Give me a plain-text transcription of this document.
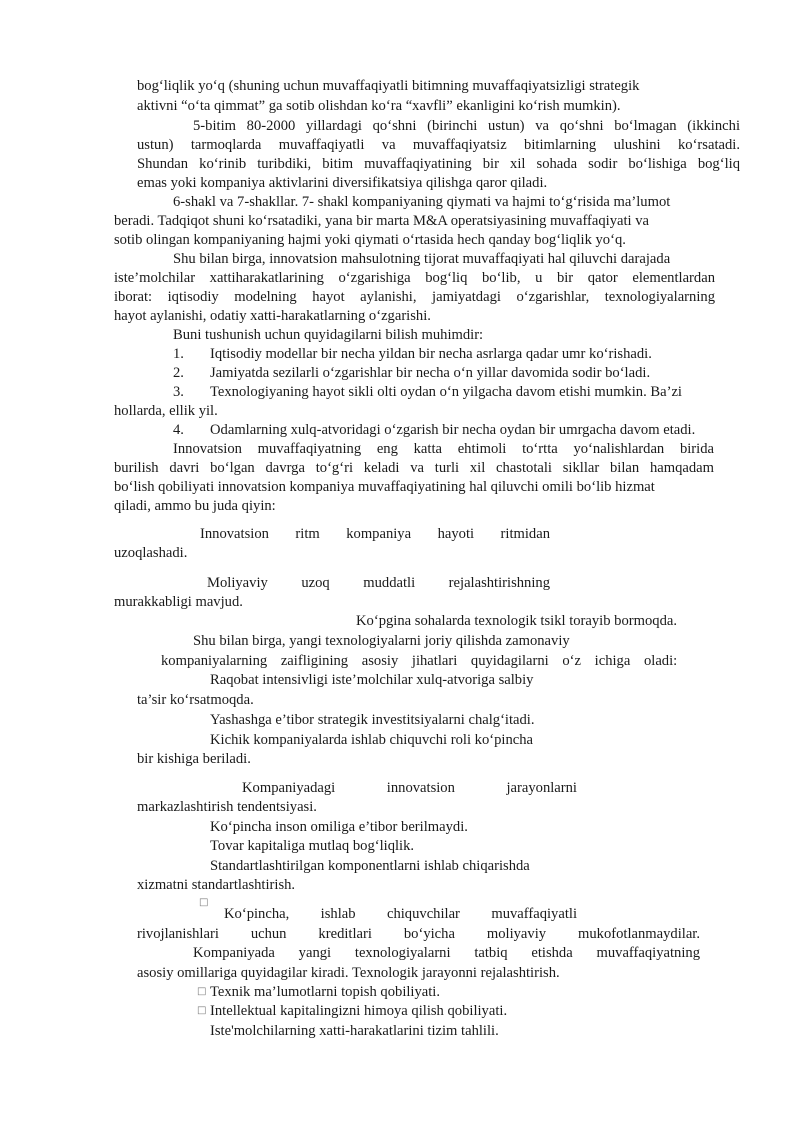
bog‘liqlik yo‘q (shuning uchun muvaffaqiyatli bitimning muvaffaqiyatsizligi strategik
aktivni “o‘ta qimmat” ga sotib olishdan ko‘ra “xavfli” ekanligini ko‘rish mumkin).
5-bitim 80-2000 yillardagi qo‘shni (birinchi ustun) va qo‘shni bo‘lmagan (ikkinchi
ustun) tarmoqlarda muvaffaqiyatli va muvaffaqiyatsiz bitimlarning ulushini ko‘rsatadi.
Shundan ko‘rinib turibdiki, bitim muvaffaqiyatining bir xil sohada sodir bo‘lishiga bog‘liq
emas yoki kompaniya aktivlarini diversifikatsiya qilishga qaror qiladi.
6-shakl va 7-shakllar. 7- shakl kompaniyaning qiymati va hajmi to‘g‘risida ma’lumot
beradi. Tadqiqot shuni ko‘rsatadiki, yana bir marta M&A operatsiyasining muvaffaqiyati va
sotib olingan kompaniyaning hajmi yoki qiymati o‘rtasida hech qanday bog‘liqlik yo‘q.
Shu bilan birga, innovatsion mahsulotning tijorat muvaffaqiyati hal qiluvchi darajada
iste’molchilar xattiharakatlarining o‘zgarishiga bog‘liq bo‘lib, u bir qator elementlardan
iborat: iqtisodiy modelning hayot aylanishi, jamiyatdagi o‘zgarishlar, texnologiyalarning
hayot aylanishi, odatiy xatti-harakatlarning o‘zgarishi.
Buni tushunish uchun quyidagilarni bilish muhimdir:
1. Iqtisodiy modellar bir necha yildan bir necha asrlarga qadar umr ko‘rishadi.
2. Jamiyatda sezilarli o‘zgarishlar bir necha o‘n yillar davomida sodir bo‘ladi.
3. Texnologiyaning hayot sikli olti oydan o‘n yilgacha davom etishi mumkin. Ba’zi
hollarda, ellik yil.
4. Odamlarning xulq-atvoridagi o‘zgarish bir necha oydan bir umrgacha davom etadi.
Innovatsion muvaffaqiyatning eng katta ehtimoli to‘rtta yo‘nalishlardan birida
burilish davri bo‘lgan davrga to‘g‘ri keladi va turli xil chastotali sikllar bilan hamqadam
bo‘lish qobiliyati innovatsion kompaniya muvaffaqiyatining hal qiluvchi omili bo‘lib hizmat
qiladi, ammo bu juda qiyin:
Innovatsion ritm kompaniya hayoti ritmidan
uzoqlashadi.
Moliyaviy uzoq muddatli rejalashtirishning
murakkabligi mavjud.
Ko‘pgina sohalarda texnologik tsikl torayib bormoqda.
Shu bilan birga, yangi texnologiyalarni joriy qilishda zamonaviy
kompaniyalarning zaifligining asosiy jihatlari quyidagilarni o‘z ichiga oladi:
Raqobat intensivligi iste’molchilar xulq-atvoriga salbiy
ta’sir ko‘rsatmoqda.
Yashashga e’tibor strategik investitsiyalarni chalg‘itadi.
Kichik kompaniyalarda ishlab chiquvchi roli ko‘pincha
bir kishiga beriladi.
Kompaniyadagi innovatsion jarayonlarni
markazlashtirish tendentsiyasi.
Ko‘pincha inson omiliga e’tibor berilmaydi.
Tovar kapitaliga mutlaq bog‘liqlik.
Standartlashtirilgan komponentlarni ishlab chiqarishda
xizmatni standartlashtirish.
□
Ko‘pincha, ishlab chiquvchilar muvaffaqiyatli
rivojlanishlari uchun kreditlari bo‘yicha moliyaviy mukofotlanmaydilar.
Kompaniyada yangi texnologiyalarni tatbiq etishda muvaffaqiyatning
asosiy omillariga quyidagilar kiradi. Texnologik jarayonni rejalashtirish.
□ Texnik ma’lumotlarni topish qobiliyati.
□ Intellektual kapitalingizni himoya qilish qobiliyati.
Iste'molchilarning xatti-harakatlarini tizim tahlili.
